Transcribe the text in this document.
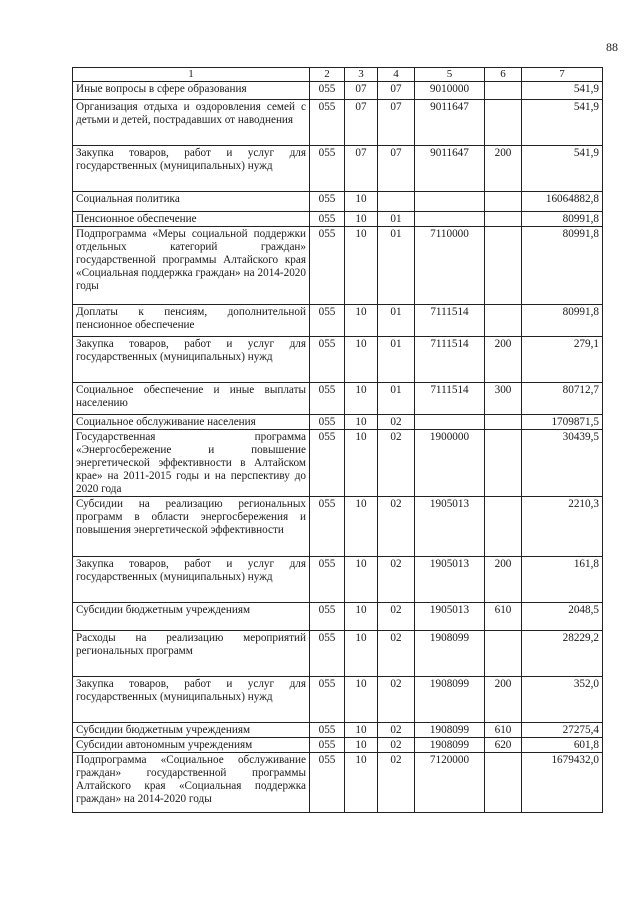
88
1	2	3	4	5	6	7
Иные вопросы в сфере образования	055	07	07	9010000		541,9
Организация отдыха и оздоровления семей с детьми и детей, пострадавших от наводнения	055	07	07	9011647		541,9
Закупка товаров, работ и услуг для государственных (муниципальных) нужд	055	07	07	9011647	200	541,9
Социальная политика	055	10				16064882,8
Пенсионное обеспечение	055	10	01			80991,8
Подпрограмма «Меры социальной поддержки отдельных категорий граждан» государственной программы Алтайского края «Социальная поддержка граждан» на 2014-2020 годы	055	10	01	7110000		80991,8
Доплаты к пенсиям, дополнительной пенсионное обеспечение	055	10	01	7111514		80991,8
Закупка товаров, работ и услуг для государственных (муниципальных) нужд	055	10	01	7111514	200	279,1
Социальное обеспечение и иные выплаты населению	055	10	01	7111514	300	80712,7
Социальное обслуживание населения	055	10	02			1709871,5
Государственная программа «Энергосбережение и повышение энергетической эффективности в Алтайском крае» на 2011-2015 годы и на перспективу до 2020 года	055	10	02	1900000		30439,5
Субсидии на реализацию региональных программ в области энергосбережения и повышения энергетической эффективности	055	10	02	1905013		2210,3
Закупка товаров, работ и услуг для государственных (муниципальных) нужд	055	10	02	1905013	200	161,8
Субсидии бюджетным учреждениям	055	10	02	1905013	610	2048,5
Расходы на реализацию мероприятий региональных программ	055	10	02	1908099		28229,2
Закупка товаров, работ и услуг для государственных (муниципальных) нужд	055	10	02	1908099	200	352,0
Субсидии бюджетным учреждениям	055	10	02	1908099	610	27275,4
Субсидии автономным учреждениям	055	10	02	1908099	620	601,8
Подпрограмма «Социальное обслуживание граждан» государственной программы Алтайского края «Социальная поддержка граждан» на 2014-2020 годы	055	10	02	7120000		1679432,0
